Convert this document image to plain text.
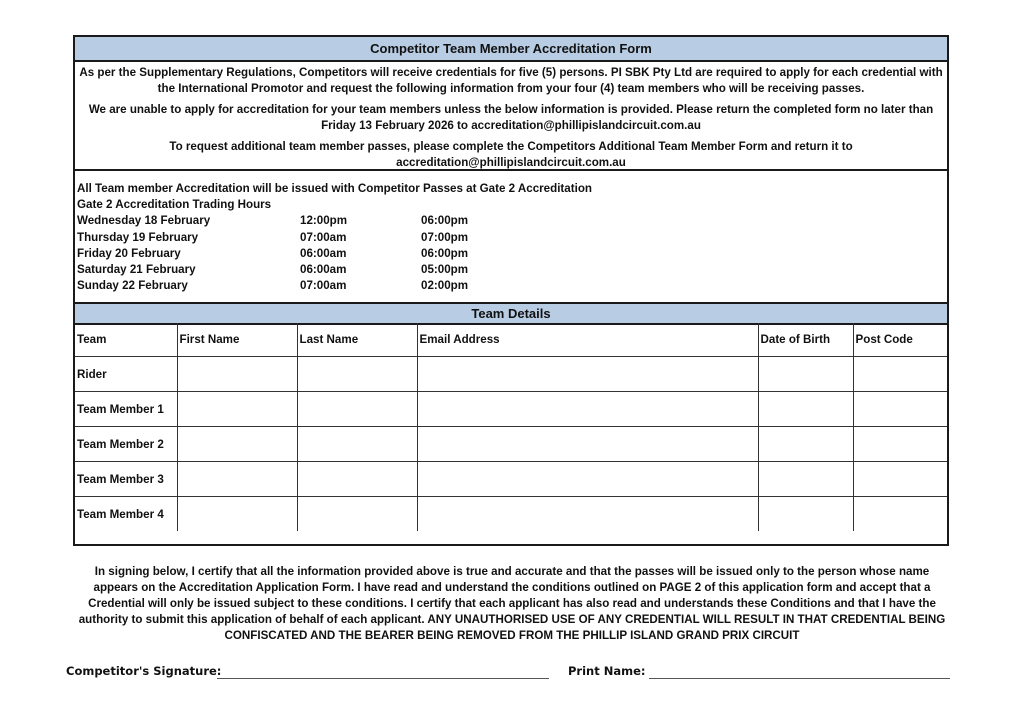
Competitor Team Member Accreditation Form

As per the Supplementary Regulations, Competitors will receive credentials for five (5) persons. PI SBK Pty Ltd are required to apply for each credential with the International Promotor and request the following information from your four (4) team members who will be receiving passes.

We are unable to apply for accreditation for your team members unless the below information is provided. Please return the completed form no later than Friday 13 February 2026 to accreditation@phillipislandcircuit.com.au

To request additional team member passes, please complete the Competitors Additional Team Member Form and return it to accreditation@phillipislandcircuit.com.au

All Team member Accreditation will be issued with Competitor Passes at Gate 2 Accreditation
Gate 2 Accreditation Trading Hours
Wednesday 18 February	12:00pm	06:00pm
Thursday 19 February	07:00am	07:00pm
Friday 20 February	06:00am	06:00pm
Saturday 21 February	06:00am	05:00pm
Sunday 22 February	07:00am	02:00pm
Team Details
Team	First Name	Last Name	Email Address	Date of Birth	Post Code
Rider					
Team Member 1					
Team Member 2					
Team Member 3					
Team Member 4					
In signing below, I certify that all the information provided above is true and accurate and that the passes will be issued only to the person whose name appears on the Accreditation Application Form. I have read and understand the conditions outlined on PAGE 2 of this application form and accept that a Credential will only be issued subject to these conditions. I certify that each applicant has also read and understands these Conditions and that I have the authority to submit this application of behalf of each applicant. ANY UNAUTHORISED USE OF ANY CREDENTIAL WILL RESULT IN THAT CREDENTIAL BEING CONFISCATED AND THE BEARER BEING REMOVED FROM THE PHILLIP ISLAND GRAND PRIX CIRCUIT
Competitor's Signature:	Print Name:
